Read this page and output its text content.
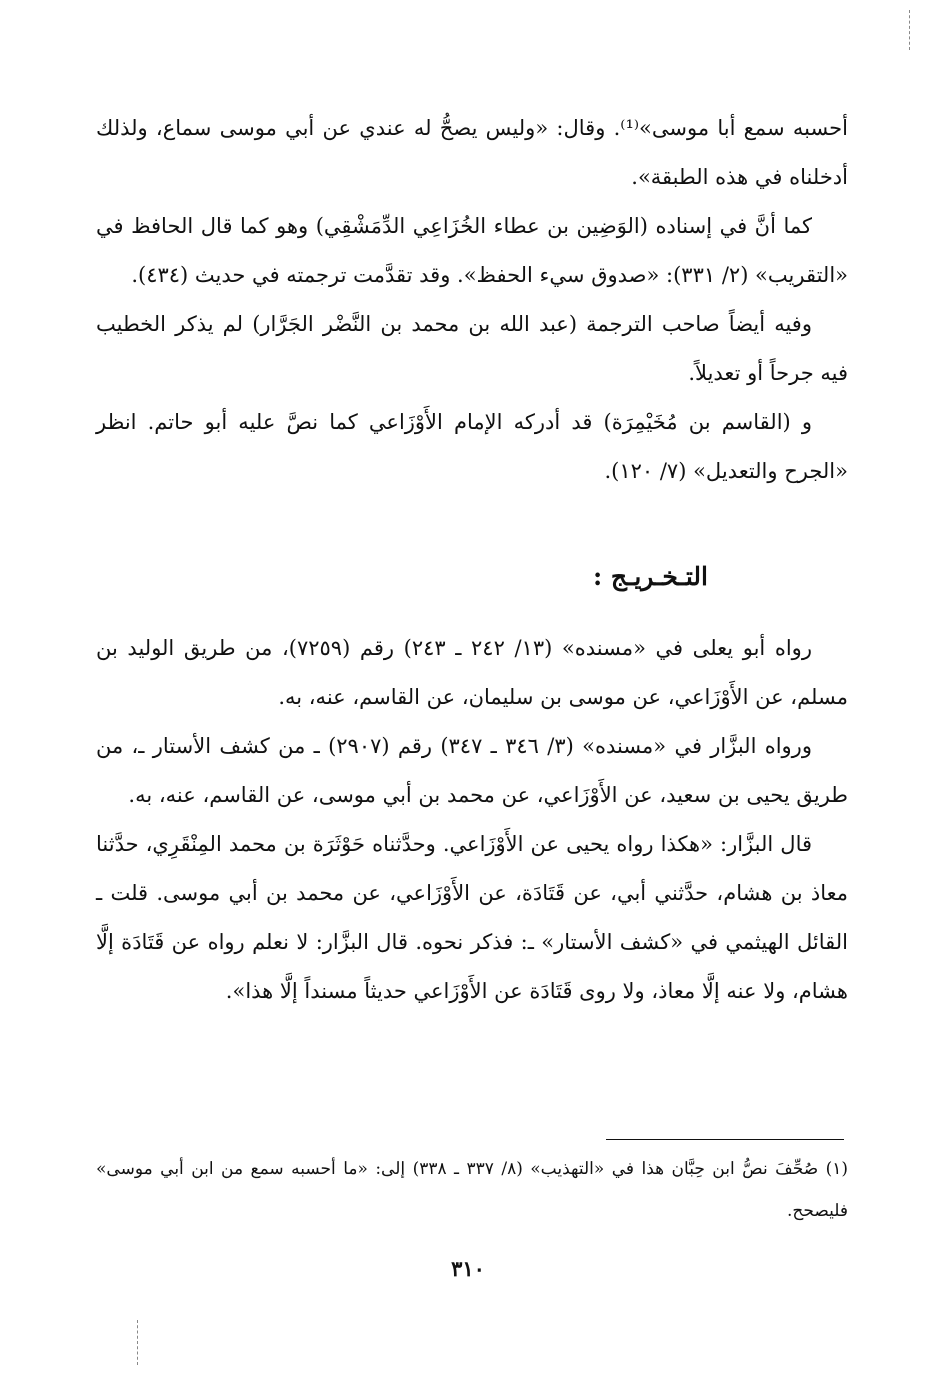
أحسبه سمع أبا موسى»⁽¹⁾. وقال: «وليس يصحُّ له عندي عن أبي موسى سماع، ولذلك أدخلناه في هذه الطبقة».

كما أنَّ في إسناده (الوَضِين بن عطاء الخُزَاعِي الدِّمَشْقِي) وهو كما قال الحافظ في «التقريب» (٢/ ٣٣١): «صدوق سيء الحفظ». وقد تقدَّمت ترجمته في حديث (٤٣٤).

وفيه أيضاً صاحب الترجمة (عبد الله بن محمد بن النَّضْر الجَرَّار) لم يذكر الخطيب فيه جرحاً أو تعديلاً.

و (القاسم بن مُخَيْمِرَة) قد أدركه الإمام الأَوْزَاعي كما نصَّ عليه أبو حاتم. انظر «الجرح والتعديل» (٧/ ١٢٠).

التـخـريـج :

رواه أبو يعلى في «مسنده» (١٣/ ٢٤٢ ـ ٢٤٣) رقم (٧٢٥٩)، من طريق الوليد بن مسلم، عن الأَوْزَاعي، عن موسى بن سليمان، عن القاسم، عنه، به.

ورواه البزَّار في «مسنده» (٣/ ٣٤٦ ـ ٣٤٧) رقم (٢٩٠٧) ـ من كشف الأستار ـ، من طريق يحيى بن سعيد، عن الأَوْزَاعي، عن محمد بن أبي موسى، عن القاسم، عنه، به.

قال البزَّار: «هكذا رواه يحيى عن الأَوْزَاعي. وحدَّثناه حَوْثَرَة بن محمد المِنْقَرِي، حدَّثنا معاذ بن هشام، حدَّثني أبي، عن قَتَادَة، عن الأَوْزَاعي، عن محمد بن أبي موسى. قلت ـ القائل الهيثمي في «كشف الأستار» ـ: فذكر نحوه. قال البزَّار: لا نعلم رواه عن قَتَادَة إلَّا هشام، ولا عنه إلَّا معاذ، ولا روى قَتَادَة عن الأَوْزَاعي حديثاً مسنداً إلَّا هذا».

(١) صُحِّفَ نصُّ ابن حِبَّان هذا في «التهذيب» (٨/ ٣٣٧ ـ ٣٣٨) إلى: «ما أحسبه سمع من ابن أبي موسى» فليصحح.

٣١٠
